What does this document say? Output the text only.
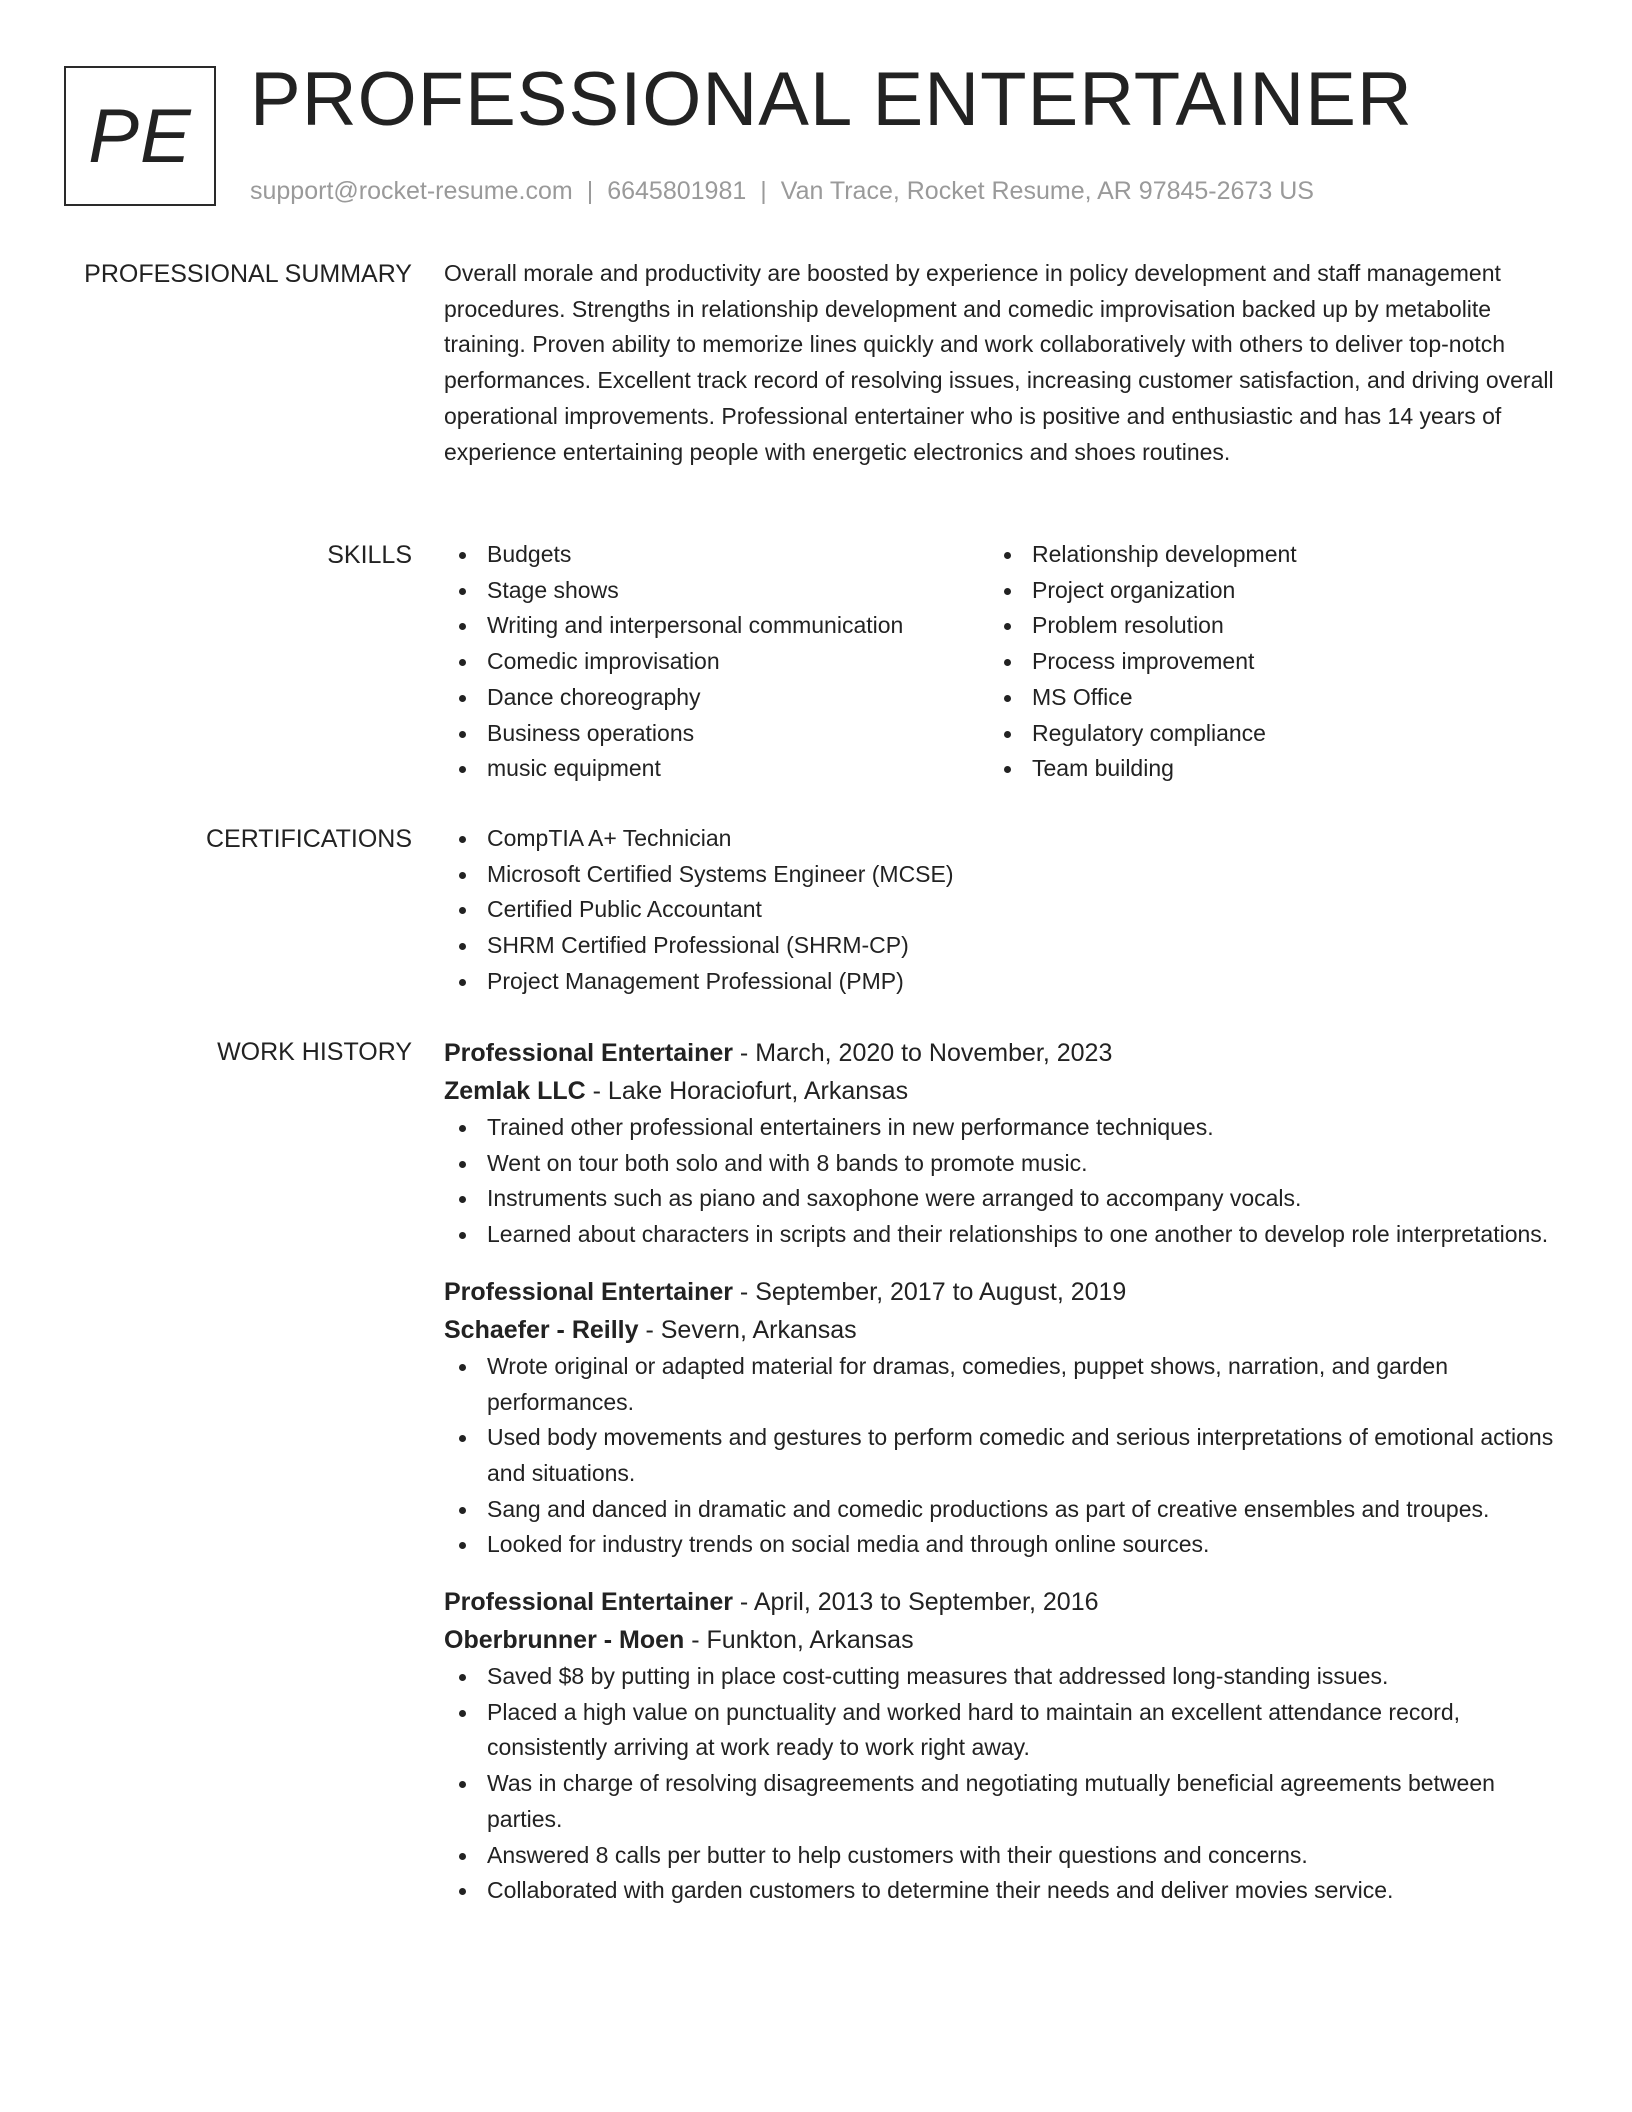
PE PROFESSIONAL ENTERTAINER
support@rocket-resume.com | 6645801981 | Van Trace, Rocket Resume, AR 97845-2673 US
PROFESSIONAL SUMMARY Overall morale and productivity are boosted by experience in policy development and staff management procedures. Strengths in relationship development and comedic improvisation backed up by metabolite training. Proven ability to memorize lines quickly and work collaboratively with others to deliver top-notch performances. Excellent track record of resolving issues, increasing customer satisfaction, and driving overall operational improvements. Professional entertainer who is positive and enthusiastic and has 14 years of experience entertaining people with energetic electronics and shoes routines.

SKILLS	Budgets
Stage shows
Writing and interpersonal communication
Comedic improvisation
Dance choreography
Business operations
music equipment
Relationship development
Project organization
Problem resolution
Process improvement
MS Office
Regulatory compliance
Team building
CERTIFICATIONS	CompTIA A+ Technician
Microsoft Certified Systems Engineer (MCSE)
Certified Public Accountant
SHRM Certified Professional (SHRM-CP)
Project Management Professional (PMP)
WORK HISTORY Professional Entertainer - March, 2020 to November, 2023
Zemlak LLC - Lake Horaciofurt, Arkansas
Trained other professional entertainers in new performance techniques.
Went on tour both solo and with 8 bands to promote music.
Instruments such as piano and saxophone were arranged to accompany vocals.
Learned about characters in scripts and their relationships to one another to develop role interpretations.
Professional Entertainer - September, 2017 to August, 2019
Schaefer - Reilly - Severn, Arkansas
Wrote original or adapted material for dramas, comedies, puppet shows, narration, and garden performances.
Used body movements and gestures to perform comedic and serious interpretations of emotional actions and situations.
Sang and danced in dramatic and comedic productions as part of creative ensembles and troupes.
Looked for industry trends on social media and through online sources.
Professional Entertainer - April, 2013 to September, 2016
Oberbrunner - Moen - Funkton, Arkansas
Saved $8 by putting in place cost-cutting measures that addressed long-standing issues.
Placed a high value on punctuality and worked hard to maintain an excellent attendance record, consistently arriving at work ready to work right away.
Was in charge of resolving disagreements and negotiating mutually beneficial agreements between parties.
Answered 8 calls per butter to help customers with their questions and concerns.
Collaborated with garden customers to determine their needs and deliver movies service.
